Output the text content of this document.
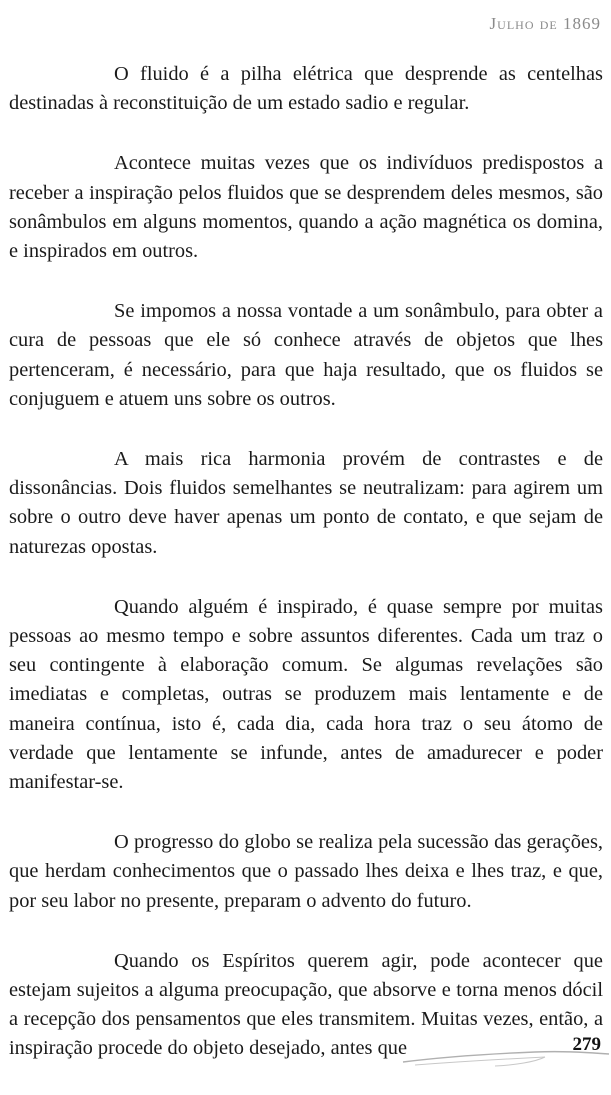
Julho de 1869

O fluido é a pilha elétrica que desprende as centelhas destinadas à reconstituição de um estado sadio e regular.

Acontece muitas vezes que os indivíduos predispostos a receber a inspiração pelos fluidos que se desprendem deles mesmos, são sonâmbulos em alguns momentos, quando a ação magnética os domina, e inspirados em outros.

Se impomos a nossa vontade a um sonâmbulo, para obter a cura de pessoas que ele só conhece através de objetos que lhes pertenceram, é necessário, para que haja resultado, que os fluidos se conjuguem e atuem uns sobre os outros.

A mais rica harmonia provém de contrastes e de dissonâncias. Dois fluidos semelhantes se neutralizam: para agirem um sobre o outro deve haver apenas um ponto de contato, e que sejam de naturezas opostas.

Quando alguém é inspirado, é quase sempre por muitas pessoas ao mesmo tempo e sobre assuntos diferentes. Cada um traz o seu contingente à elaboração comum. Se algumas revelações são imediatas e completas, outras se produzem mais lentamente e de maneira contínua, isto é, cada dia, cada hora traz o seu átomo de verdade que lentamente se infunde, antes de amadurecer e poder manifestar-se.

O progresso do globo se realiza pela sucessão das gerações, que herdam conhecimentos que o passado lhes deixa e lhes traz, e que, por seu labor no presente, preparam o advento do futuro.

Quando os Espíritos querem agir, pode acontecer que estejam sujeitos a alguma preocupação, que absorve e torna menos dócil a recepção dos pensamentos que eles transmitem. Muitas vezes, então, a inspiração procede do objeto desejado, antes que	279
